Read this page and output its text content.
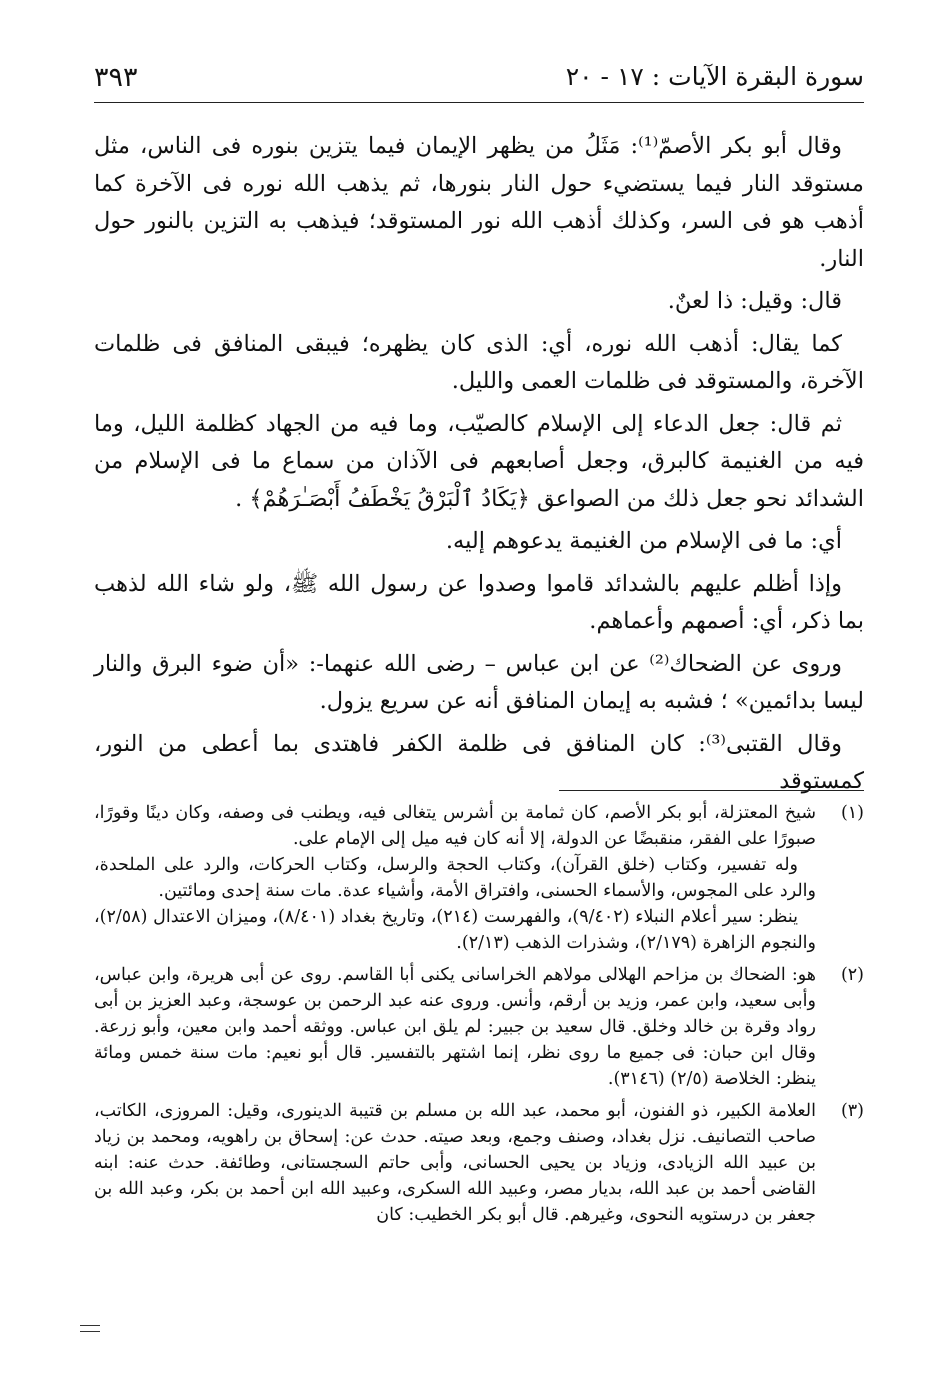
سورة البقرة الآيات : ١٧ - ٢٠
٣٩٣

وقال أبو بكر الأصمّ⁽¹⁾: مَثَلُ من يظهر الإيمان فيما يتزين بنوره فى الناس، مثل مستوقد النار فيما يستضيء حول النار بنورها، ثم يذهب الله نوره فى الآخرة كما أذهب هو فى السر، وكذلك أذهب الله نور المستوقد؛ فيذهب به التزين بالنور حول النار.

قال: وقيل: ذا لعنٌ.

كما يقال: أذهب الله نوره، أي: الذى كان يظهره؛ فيبقى المنافق فى ظلمات الآخرة، والمستوقد فى ظلمات العمى والليل.

ثم قال: جعل الدعاء إلى الإسلام كالصيّب، وما فيه من الجهاد كظلمة الليل، وما فيه من الغنيمة كالبرق، وجعل أصابعهم فى الآذان من سماع ما فى الإسلام من الشدائد نحو جعل ذلك من الصواعق ﴿يَكَادُ ٱلْبَرْقُ يَخْطَفُ أَبْصَـٰرَهُمْ﴾ .

أي: ما فى الإسلام من الغنيمة يدعوهم إليه.

وإذا أظلم عليهم بالشدائد قاموا وصدوا عن رسول الله ﷺ، ولو شاء الله لذهب بما ذكر، أي: أصمهم وأعماهم.

وروى عن الضحاك⁽²⁾ عن ابن عباس – رضى الله عنهما-: «أن ضوء البرق والنار ليسا بدائمين» ؛ فشبه به إيمان المنافق أنه عن سريع يزول.

وقال القتبى⁽³⁾: كان المنافق فى ظلمة الكفر فاهتدى بما أعطى من النور، كمستوقد

(١)

شيخ المعتزلة، أبو بكر الأصم، كان ثمامة بن أشرس يتغالى فيه، ويطنب فى وصفه، وكان دينًا وقورًا، صبورًا على الفقر، منقبضًا عن الدولة، إلا أنه كان فيه ميل إلى الإمام على.

وله تفسير، وكتاب (خلق القرآن)، وكتاب الحجة والرسل، وكتاب الحركات، والرد على الملحدة، والرد على المجوس، والأسماء الحسنى، وافتراق الأمة، وأشياء عدة. مات سنة إحدى ومائتين.

ينظر: سير أعلام النبلاء (٩/٤٠٢)، والفهرست (٢١٤)، وتاريخ بغداد (٨/٤٠١)، وميزان الاعتدال (٢/٥٨)، والنجوم الزاهرة (٢/١٧٩)، وشذرات الذهب (٢/١٣).

(٢)

هو: الضحاك بن مزاحم الهلالى مولاهم الخراسانى يكنى أبا القاسم. روى عن أبى هريرة، وابن عباس، وأبى سعيد، وابن عمر، وزيد بن أرقم، وأنس. وروى عنه عبد الرحمن بن عوسجة، وعبد العزيز بن أبى رواد وقرة بن خالد وخلق. قال سعيد بن جبير: لم يلق ابن عباس. ووثقه أحمد وابن معين، وأبو زرعة. وقال ابن حبان: فى جميع ما روى نظر، إنما اشتهر بالتفسير. قال أبو نعيم: مات سنة خمس ومائة ينظر: الخلاصة (٢/٥) (٣١٤٦).

(٣)

العلامة الكبير، ذو الفنون، أبو محمد، عبد الله بن مسلم بن قتيبة الدينورى، وقيل: المروزى، الكاتب، صاحب التصانيف. نزل بغداد، وصنف وجمع، وبعد صيته. حدث عن: إسحاق بن راهويه، ومحمد بن زياد بن عبيد الله الزيادى، وزياد بن يحيى الحسانى، وأبى حاتم السجستانى، وطائفة. حدث عنه: ابنه القاضى أحمد بن عبد الله، بديار مصر، وعبيد الله السكرى، وعبيد الله ابن أحمد بن بكر، وعبد الله بن جعفر بن درستويه النحوى، وغيرهم. قال أبو بكر الخطيب: كان
